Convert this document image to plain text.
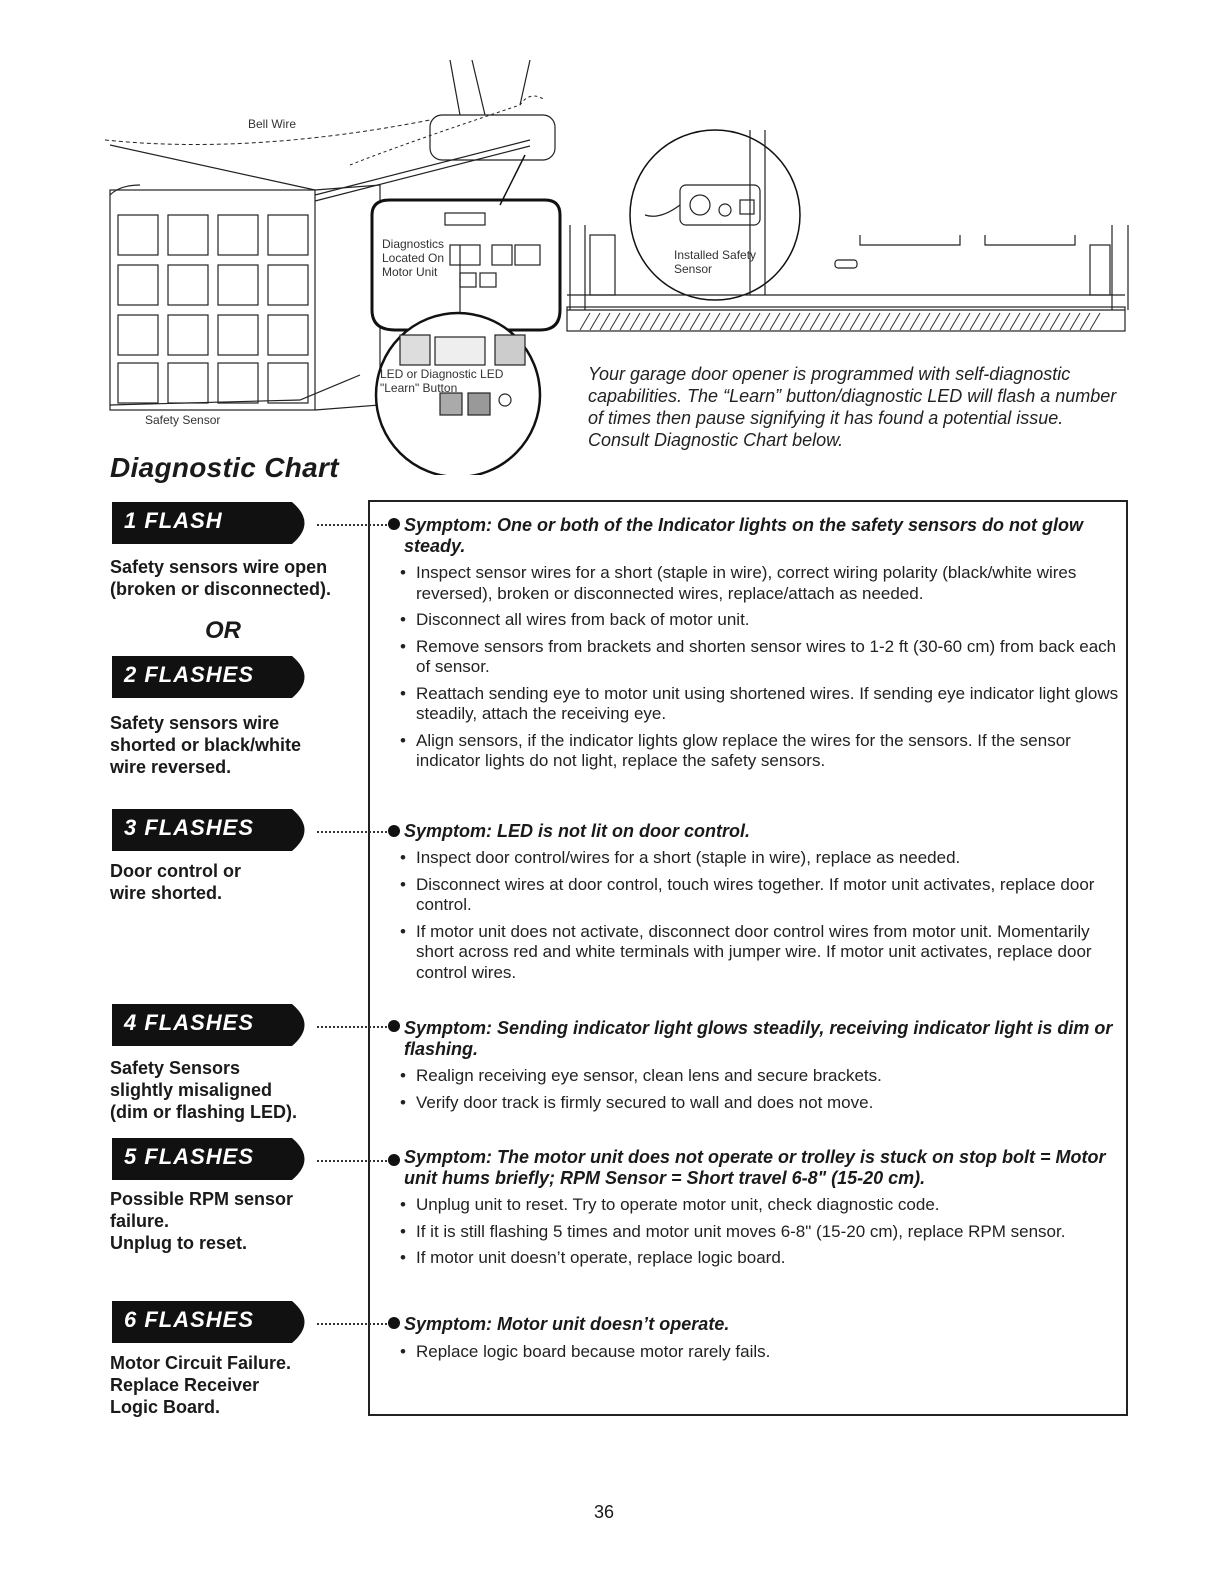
Bell Wire
Diagnostics Located On Motor Unit
LED or Diagnostic LED "Learn" Button
Installed Safety Sensor
Safety Sensor
Your garage door opener is programmed with self-diagnostic capabilities. The “Learn” button/diagnostic LED will flash a number of times then pause signifying it has found a potential issue. Consult Diagnostic Chart below.
Diagnostic Chart
1 FLASH
Safety sensors wire open
(broken or disconnected).
OR
Symptom: One or both of the Indicator lights on the safety sensors do not glow steady.
• Inspect sensor wires for a short (staple in wire), correct wiring polarity (black/white wires reversed), broken or disconnected wires, replace/attach as needed.
• Disconnect all wires from back of motor unit.
• Remove sensors from brackets and shorten sensor wires to 1-2 ft (30-60 cm) from back each of sensor.
• Reattach sending eye to motor unit using shortened wires. If sending eye indicator light glows steadily, attach the receiving eye.
• Align sensors, if the indicator lights glow replace the wires for the sensors. If the sensor indicator lights do not light, replace the safety sensors.
2 FLASHES
Safety sensors wire
shorted or black/white
wire reversed.
3 FLASHES
Door control or
wire shorted.
Symptom: LED is not lit on door control.
• Inspect door control/wires for a short (staple in wire), replace as needed.
• Disconnect wires at door control, touch wires together. If motor unit activates, replace door control.
• If motor unit does not activate, disconnect door control wires from motor unit. Momentarily short across red and white terminals with jumper wire. If motor unit activates, replace door control wires.
4 FLASHES
Safety Sensors
slightly misaligned
(dim or flashing LED).
Symptom: Sending indicator light glows steadily, receiving indicator light is dim or flashing.
• Realign receiving eye sensor, clean lens and secure brackets.
• Verify door track is firmly secured to wall and does not move.
5 FLASHES
Possible RPM sensor
failure.
Unplug to reset.
Symptom: The motor unit does not operate or trolley is stuck on stop bolt = Motor unit hums briefly; RPM Sensor = Short travel 6-8" (15-20 cm).
• Unplug unit to reset. Try to operate motor unit, check diagnostic code.
• If it is still flashing 5 times and motor unit moves 6-8" (15-20 cm), replace RPM sensor.
• If motor unit doesn’t operate, replace logic board.
6 FLASHES
Motor Circuit Failure.
Replace Receiver
Logic Board.
Symptom: Motor unit doesn’t operate.
• Replace logic board because motor rarely fails.
36
